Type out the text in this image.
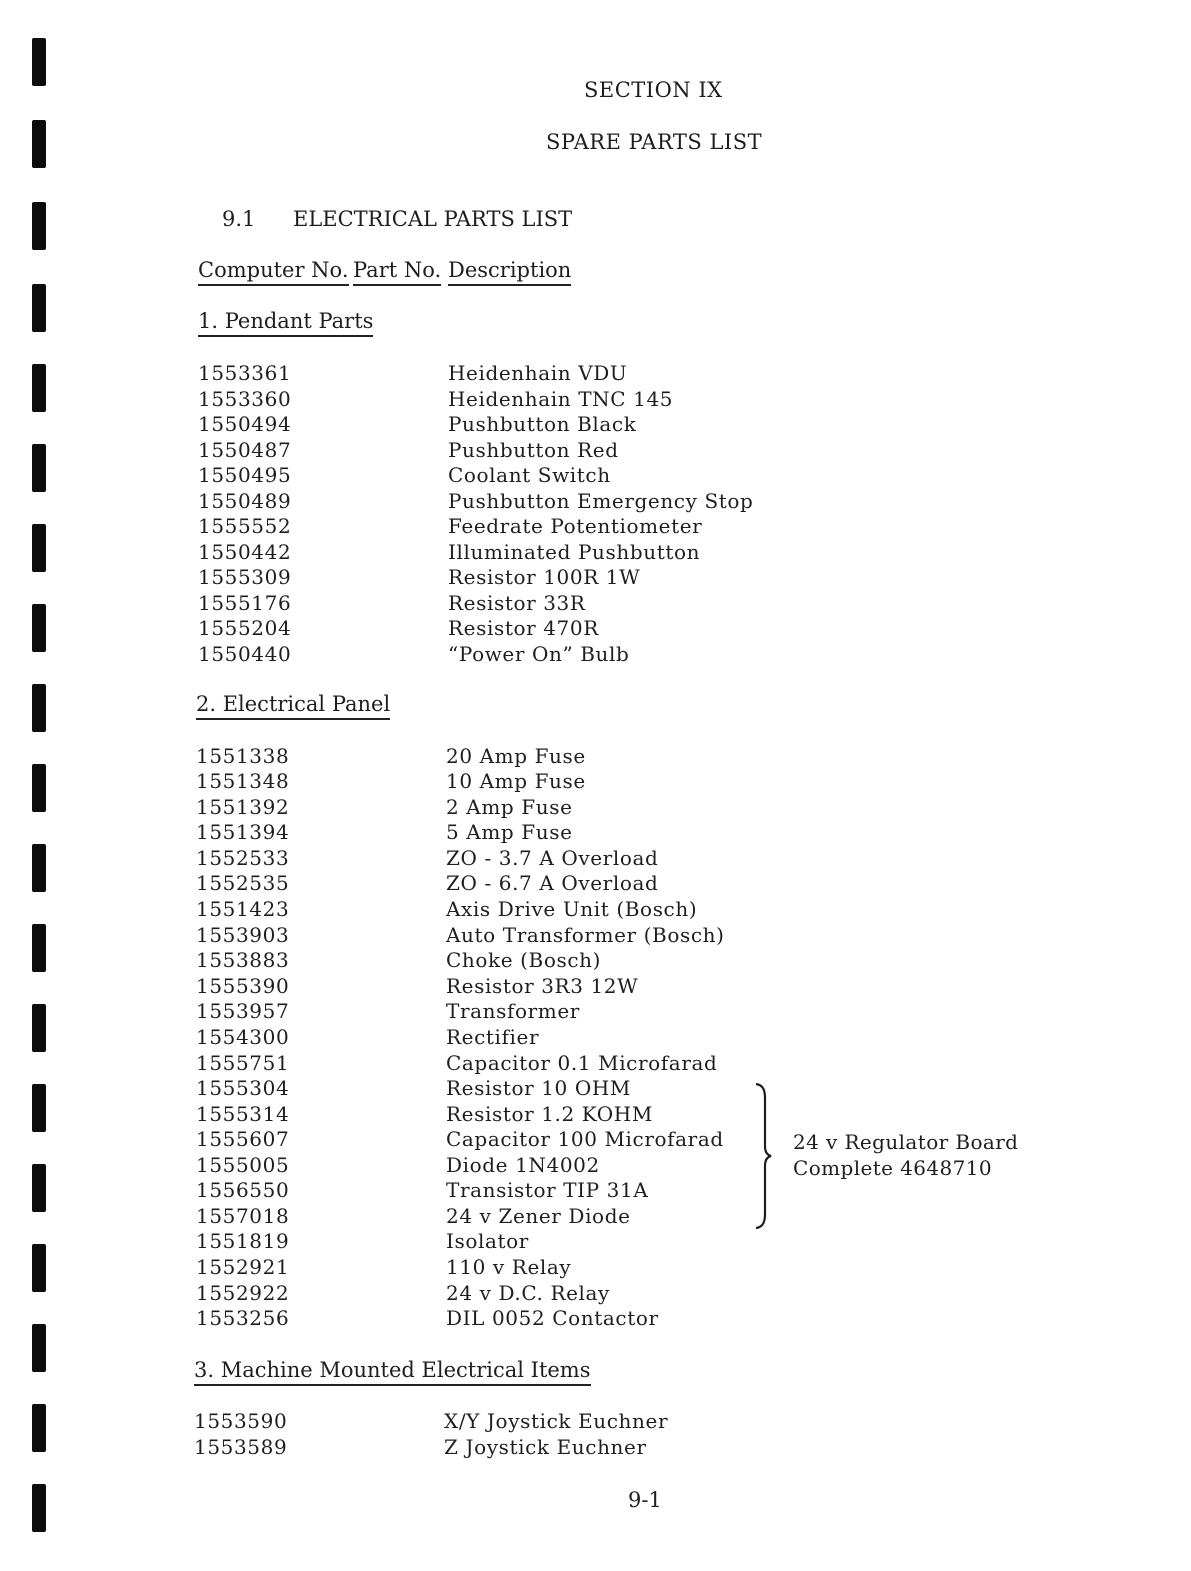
SECTION IX
SPARE PARTS LIST
9.1 ELECTRICAL PARTS LIST
Computer No. Part No. Description
1. Pendant Parts
1553361	Heidenhain VDU
1553360	Heidenhain TNC 145
1550494	Pushbutton Black
1550487	Pushbutton Red
1550495	Coolant Switch
1550489	Pushbutton Emergency Stop
1555552	Feedrate Potentiometer
1550442	Illuminated Pushbutton
1555309	Resistor 100R 1W
1555176	Resistor 33R
1555204	Resistor 470R
1550440	“Power On” Bulb
2. Electrical Panel
1551338	20 Amp Fuse
1551348	10 Amp Fuse
1551392	2 Amp Fuse
1551394	5 Amp Fuse
1552533	ZO - 3.7 A Overload
1552535	ZO - 6.7 A Overload
1551423	Axis Drive Unit (Bosch)
1553903	Auto Transformer (Bosch)
1553883	Choke (Bosch)
1555390	Resistor 3R3 12W
1553957	Transformer
1554300	Rectifier
1555751	Capacitor 0.1 Microfarad
1555304	Resistor 10 OHM
1555314	Resistor 1.2 KOHM
1555607	Capacitor 100 Microfarad
1555005	Diode 1N4002
1556550	Transistor TIP 31A
1557018	24 v Zener Diode
1551819	Isolator
1552921	110 v Relay
1552922	24 v D.C. Relay
1553256	DIL 0052 Contactor
24 v Regulator Board
Complete 4648710
3. Machine Mounted Electrical Items
1553590	X/Y Joystick Euchner
1553589	Z Joystick Euchner
9-1
